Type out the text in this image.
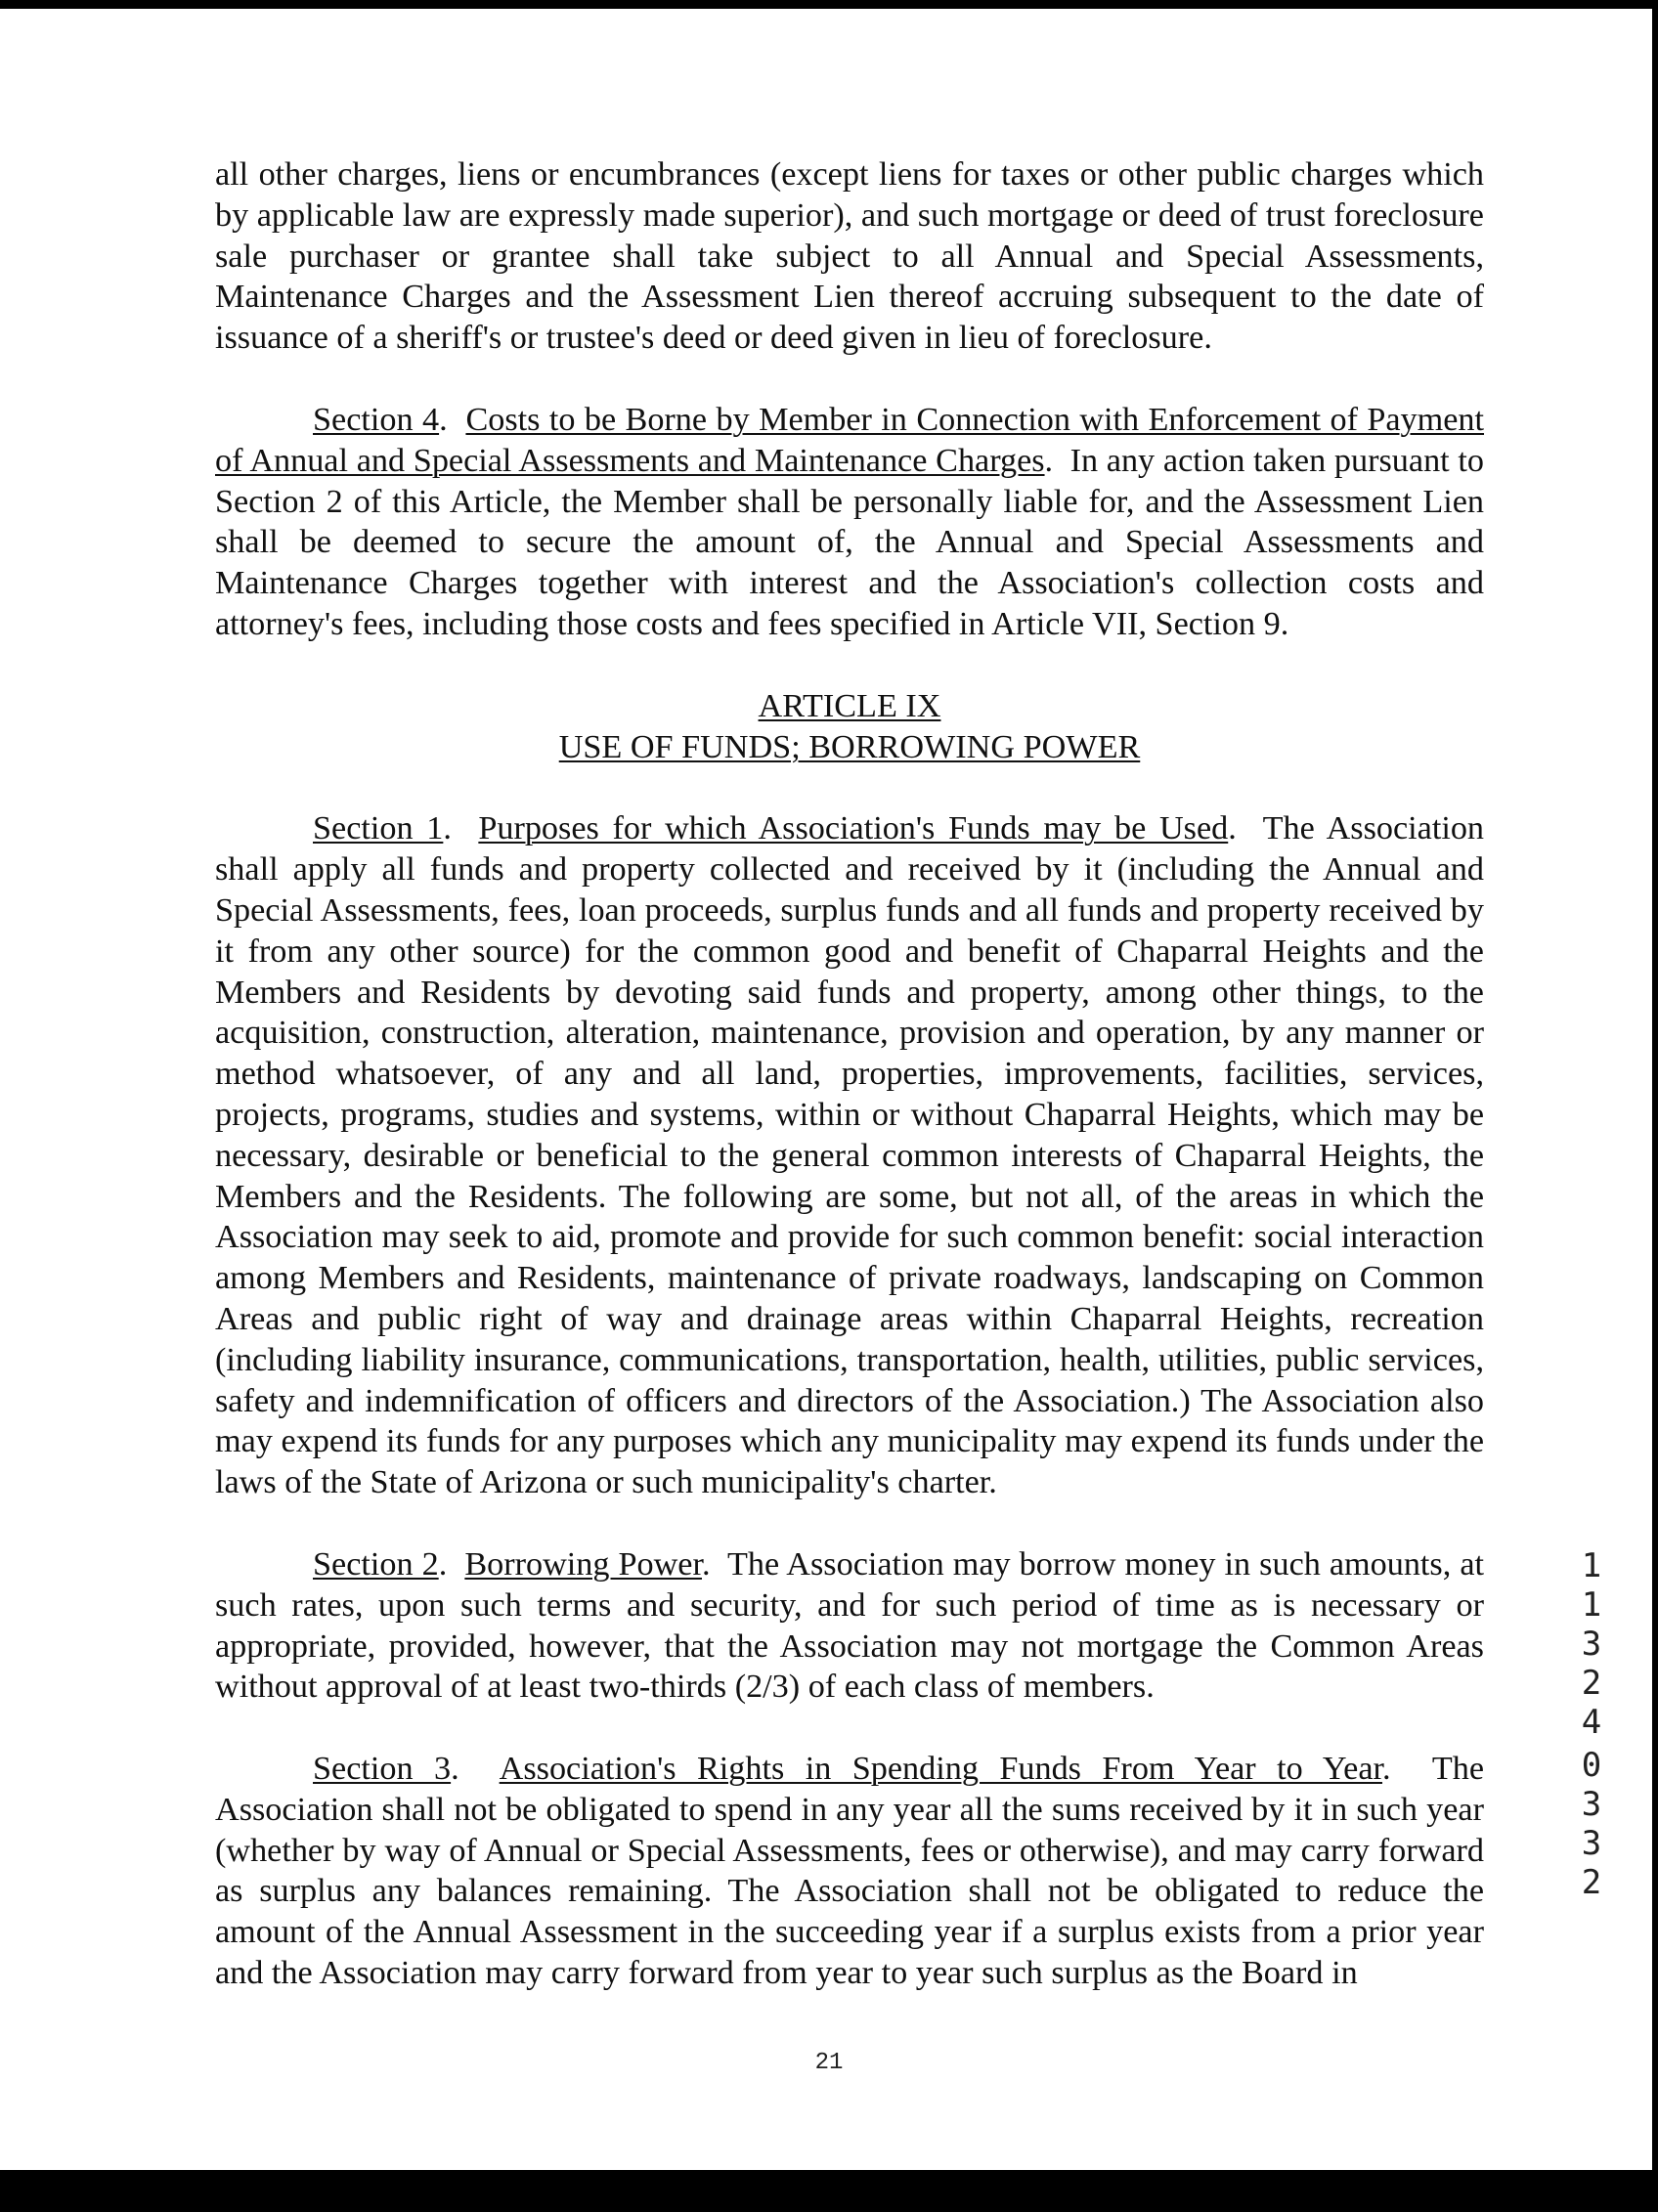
all other charges, liens or encumbrances (except liens for taxes or other public charges which by applicable law are expressly made superior), and such mortgage or deed of trust foreclosure sale purchaser or grantee shall take subject to all Annual and Special Assessments, Maintenance Charges and the Assessment Lien thereof accruing subsequent to the date of issuance of a sheriff's or trustee's deed or deed given in lieu of foreclosure.

Section 4.  Costs to be Borne by Member in Connection with Enforcement of Payment of Annual and Special Assessments and Maintenance Charges.  In any action taken pursuant to Section 2 of this Article, the Member shall be personally liable for, and the Assessment Lien shall be deemed to secure the amount of, the Annual and Special Assessments and Maintenance Charges together with interest and the Association's collection costs and attorney's fees, including those costs and fees specified in Article VII, Section 9.

ARTICLE IX
USE OF FUNDS; BORROWING POWER

Section 1.  Purposes for which Association's Funds may be Used.  The Association shall apply all funds and property collected and received by it (including the Annual and Special Assessments, fees, loan proceeds, surplus funds and all funds and property received by it from any other source) for the common good and benefit of Chaparral Heights and the Members and Residents by devoting said funds and property, among other things, to the acquisition, construction, alteration, maintenance, provision and operation, by any manner or method whatsoever, of any and all land, properties, improvements, facilities, services, projects, programs, studies and systems, within or without Chaparral Heights, which may be necessary, desirable or beneficial to the general common interests of Chaparral Heights, the Members and the Residents. The following are some, but not all, of the areas in which the Association may seek to aid, promote and provide for such common benefit: social interaction among Members and Residents, maintenance of private roadways, landscaping on Common Areas and public right of way and drainage areas within Chaparral Heights, recreation (including liability insurance, communications, transportation, health, utilities, public services, safety and indemnification of officers and directors of the Association.) The Association also may expend its funds for any purposes which any municipality may expend its funds under the laws of the State of Arizona or such municipality's charter.

Section 2.  Borrowing Power.  The Association may borrow money in such amounts, at such rates, upon such terms and security, and for such period of time as is necessary or appropriate, provided, however, that the Association may not mortgage the Common Areas without approval of at least two-thirds (2/3) of each class of members.

Section 3.  Association's Rights in Spending Funds From Year to Year.  The Association shall not be obligated to spend in any year all the sums received by it in such year (whether by way of Annual or Special Assessments, fees or otherwise), and may carry forward as surplus any balances remaining. The Association shall not be obligated to reduce the amount of the Annual Assessment in the succeeding year if a surplus exists from a prior year and the Association may carry forward from year to year such surplus as the Board in

21
1
1
3
2
4
0
3
3
2
